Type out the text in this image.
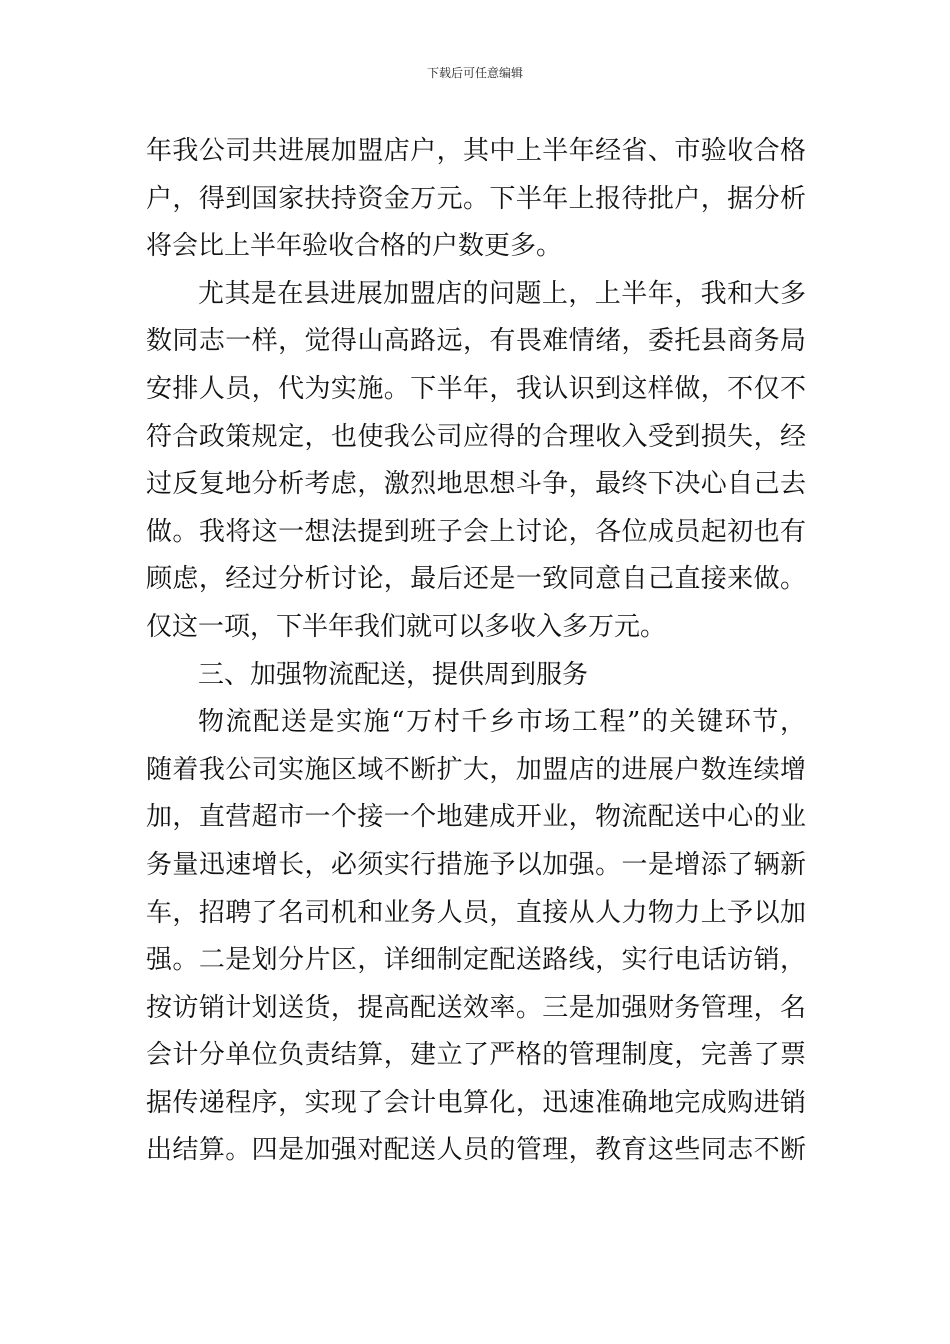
下载后可任意编辑
年我公司共进展加盟店户，其中上半年经省、市验收合格
户，得到国家扶持资金万元。下半年上报待批户，据分析
将会比上半年验收合格的户数更多。
尤其是在县进展加盟店的问题上，上半年，我和大多
数同志一样，觉得山高路远，有畏难情绪，委托县商务局
安排人员，代为实施。下半年，我认识到这样做，不仅不
符合政策规定，也使我公司应得的合理收入受到损失，经
过反复地分析考虑，激烈地思想斗争，最终下决心自己去
做。我将这一想法提到班子会上讨论，各位成员起初也有
顾虑，经过分析讨论，最后还是一致同意自己直接来做。
仅这一项，下半年我们就可以多收入多万元。
三、加强物流配送，提供周到服务
物流配送是实施“万村千乡市场工程”的关键环节，
随着我公司实施区域不断扩大，加盟店的进展户数连续增
加，直营超市一个接一个地建成开业，物流配送中心的业
务量迅速增长，必须实行措施予以加强。一是增添了辆新
车，招聘了名司机和业务人员，直接从人力物力上予以加
强。二是划分片区，详细制定配送路线，实行电话访销，
按访销计划送货，提高配送效率。三是加强财务管理，名
会计分单位负责结算，建立了严格的管理制度，完善了票
据传递程序，实现了会计电算化，迅速准确地完成购进销
出结算。四是加强对配送人员的管理，教育这些同志不断
